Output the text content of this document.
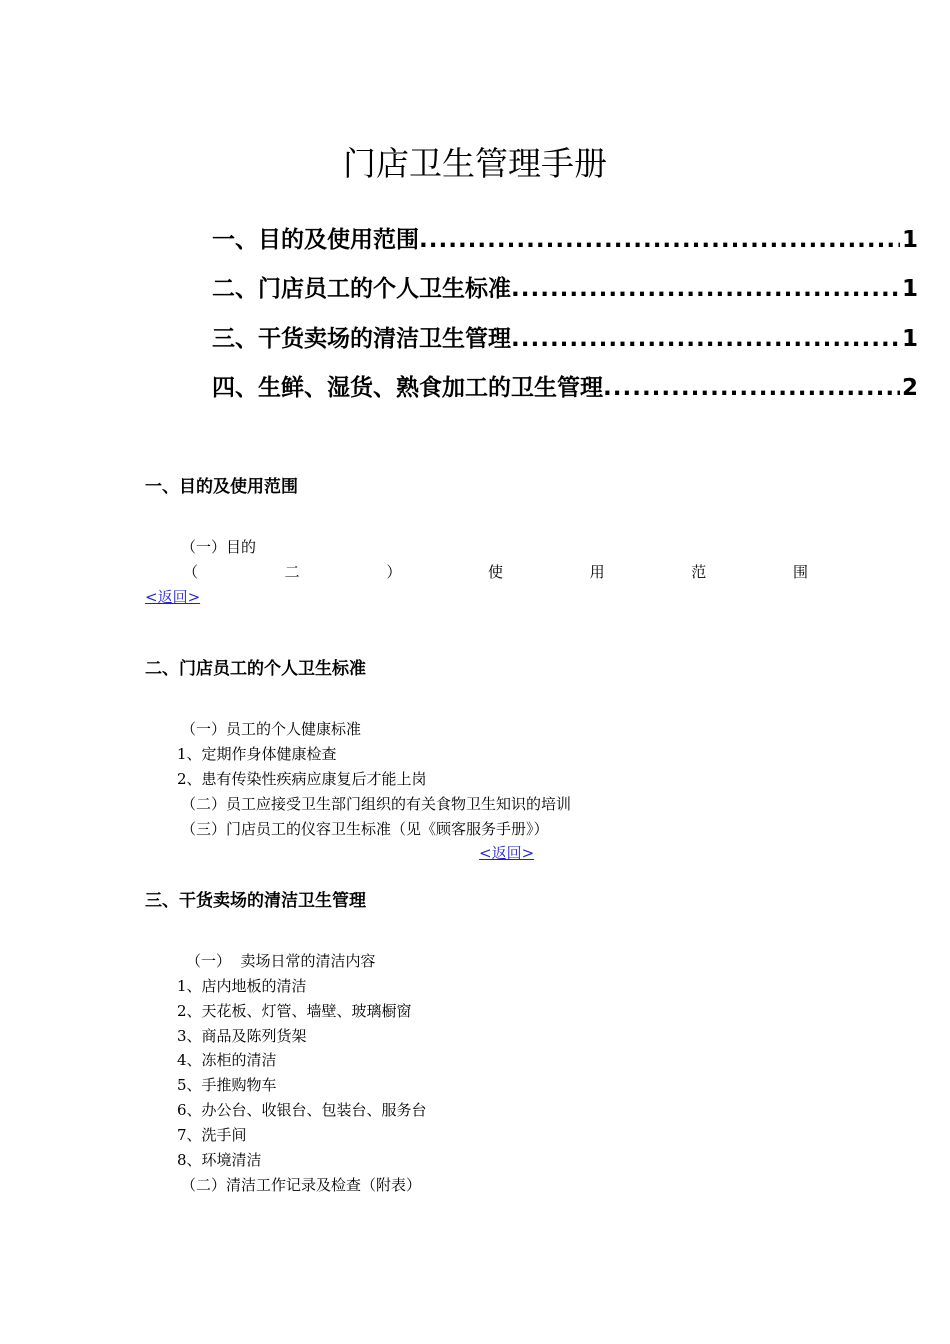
门店卫生管理手册
一、目的及使用范围 .....	1
二、门店员工的个人卫生标准 .....	1
三、干货卖场的清洁卫生管理 .....	1
四、生鲜、湿货、熟食加工的卫生管理 .....	2
一、目的及使用范围
（一）目的
（	二	）	使	用	范	围
<返回>
二、门店员工的个人卫生标准
（一）员工的个人健康标准
1、定期作身体健康检查
2、患有传染性疾病应康复后才能上岗
（二）员工应接受卫生部门组织的有关食物卫生知识的培训
（三）门店员工的仪容卫生标准（见《顾客服务手册》）
<返回>
三、干货卖场的清洁卫生管理
（一）  卖场日常的清洁内容
1、店内地板的清洁
2、天花板、灯管、墙壁、玻璃橱窗
3、商品及陈列货架
4、冻柜的清洁
5、手推购物车
6、办公台、收银台、包装台、服务台
7、洗手间
8、环境清洁
（二）清洁工作记录及检查（附表）
